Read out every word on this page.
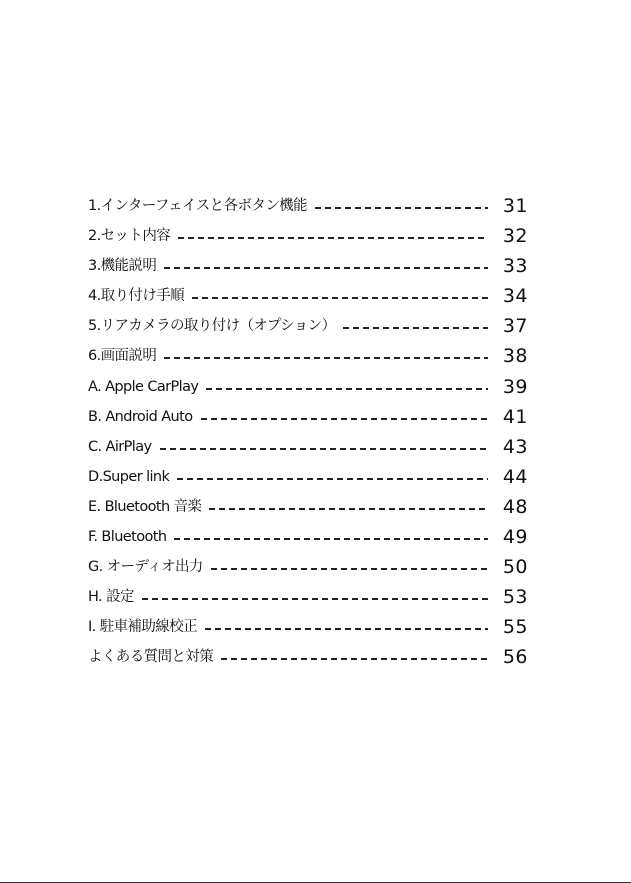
1.インターフェイスと各ボタン機能	31
2.セット内容	32
3.機能説明	33
4.取り付け手順	34
5.リアカメラの取り付け（オプション）	37
6.画面説明	38
A. Apple CarPlay	39
B. Android Auto	41
C. AirPlay	43
D.Super link	44
E. Bluetooth 音楽	48
F. Bluetooth	49
G. オーディオ出力	50
H. 設定	53
I. 駐車補助線校正	55
よくある質問と対策	56
